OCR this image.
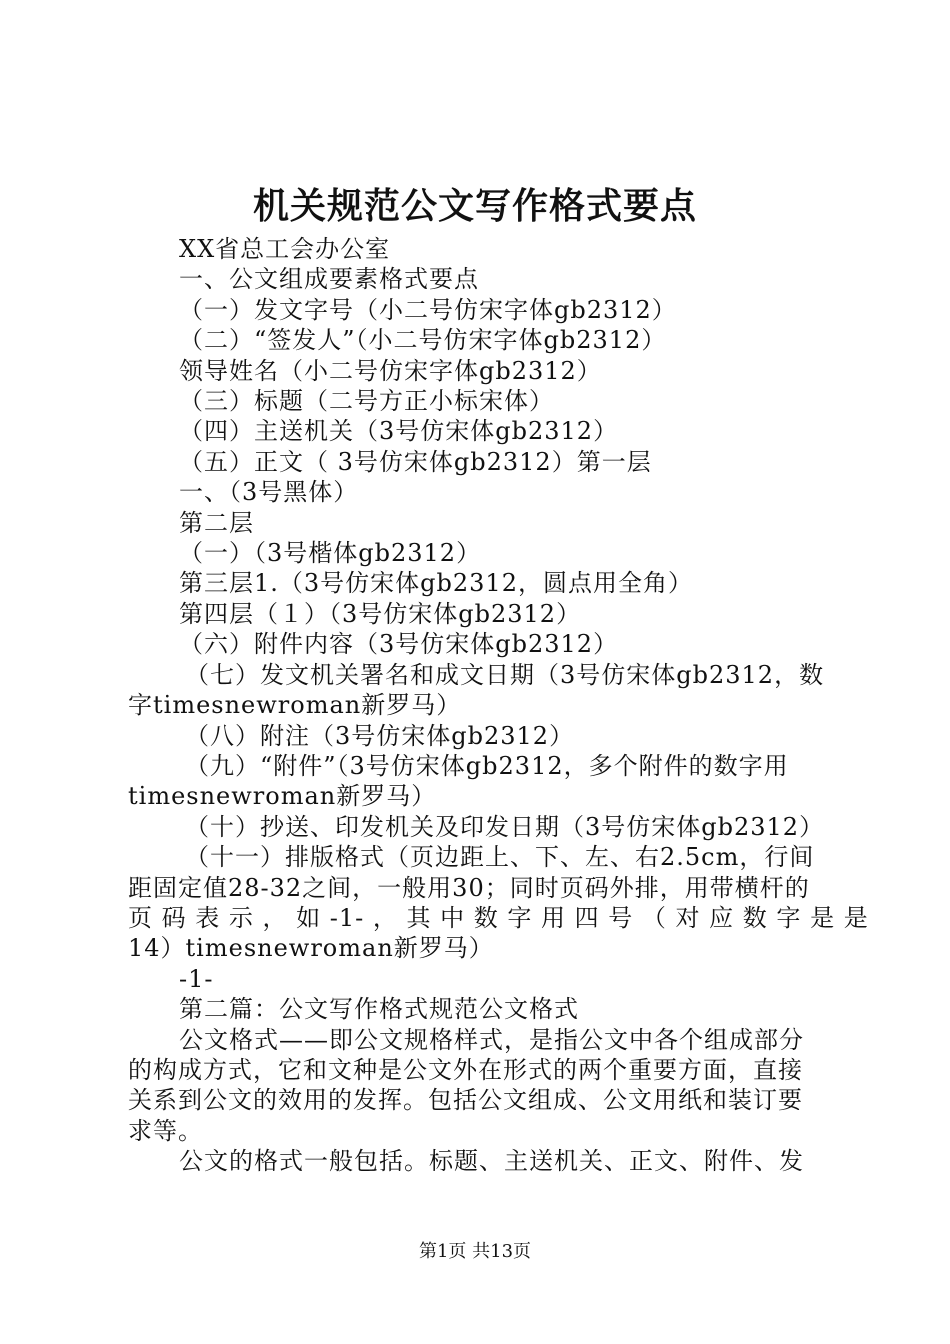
机关规范公文写作格式要点
XX省总工会办公室
一、公文组成要素格式要点
（一）发文字号（小二号仿宋字体gb2312）
（二）“签发人”（小二号仿宋字体gb2312）
领导姓名（小二号仿宋字体gb2312）
（三）标题（二号方正小标宋体）
（四）主送机关（3号仿宋体gb2312）
（五）正文（ 3号仿宋体gb2312）第一层
一、（3号黑体）
第二层
（一）（3号楷体gb2312）
第三层1.（3号仿宋体gb2312，圆点用全角）
第四层（１）（3号仿宋体gb2312）
（六）附件内容（3号仿宋体gb2312）
（七）发文机关署名和成文日期（3号仿宋体gb2312，数
字timesnewroman新罗马）
（八）附注（3号仿宋体gb2312）
（九）“附件”（3号仿宋体gb2312，多个附件的数字用
timesnewroman新罗马）
（十）抄送、印发机关及印发日期（3号仿宋体gb2312）
（十一）排版格式（页边距上、下、左、右2.5cm，行间
距固定值28-32之间，一般用30；同时页码外排，用带横杆的
页 码 表 示 ， 如 -1- ， 其 中 数 字 用 四 号 （ 对 应 数 字 是 是
14）timesnewroman新罗马）
-1-
第二篇：公文写作格式规范公文格式
公文格式——即公文规格样式，是指公文中各个组成部分
的构成方式，它和文种是公文外在形式的两个重要方面，直接
关系到公文的效用的发挥。包括公文组成、公文用纸和装订要
求等。
公文的格式一般包括。标题、主送机关、正文、附件、发
第1页 共13页
